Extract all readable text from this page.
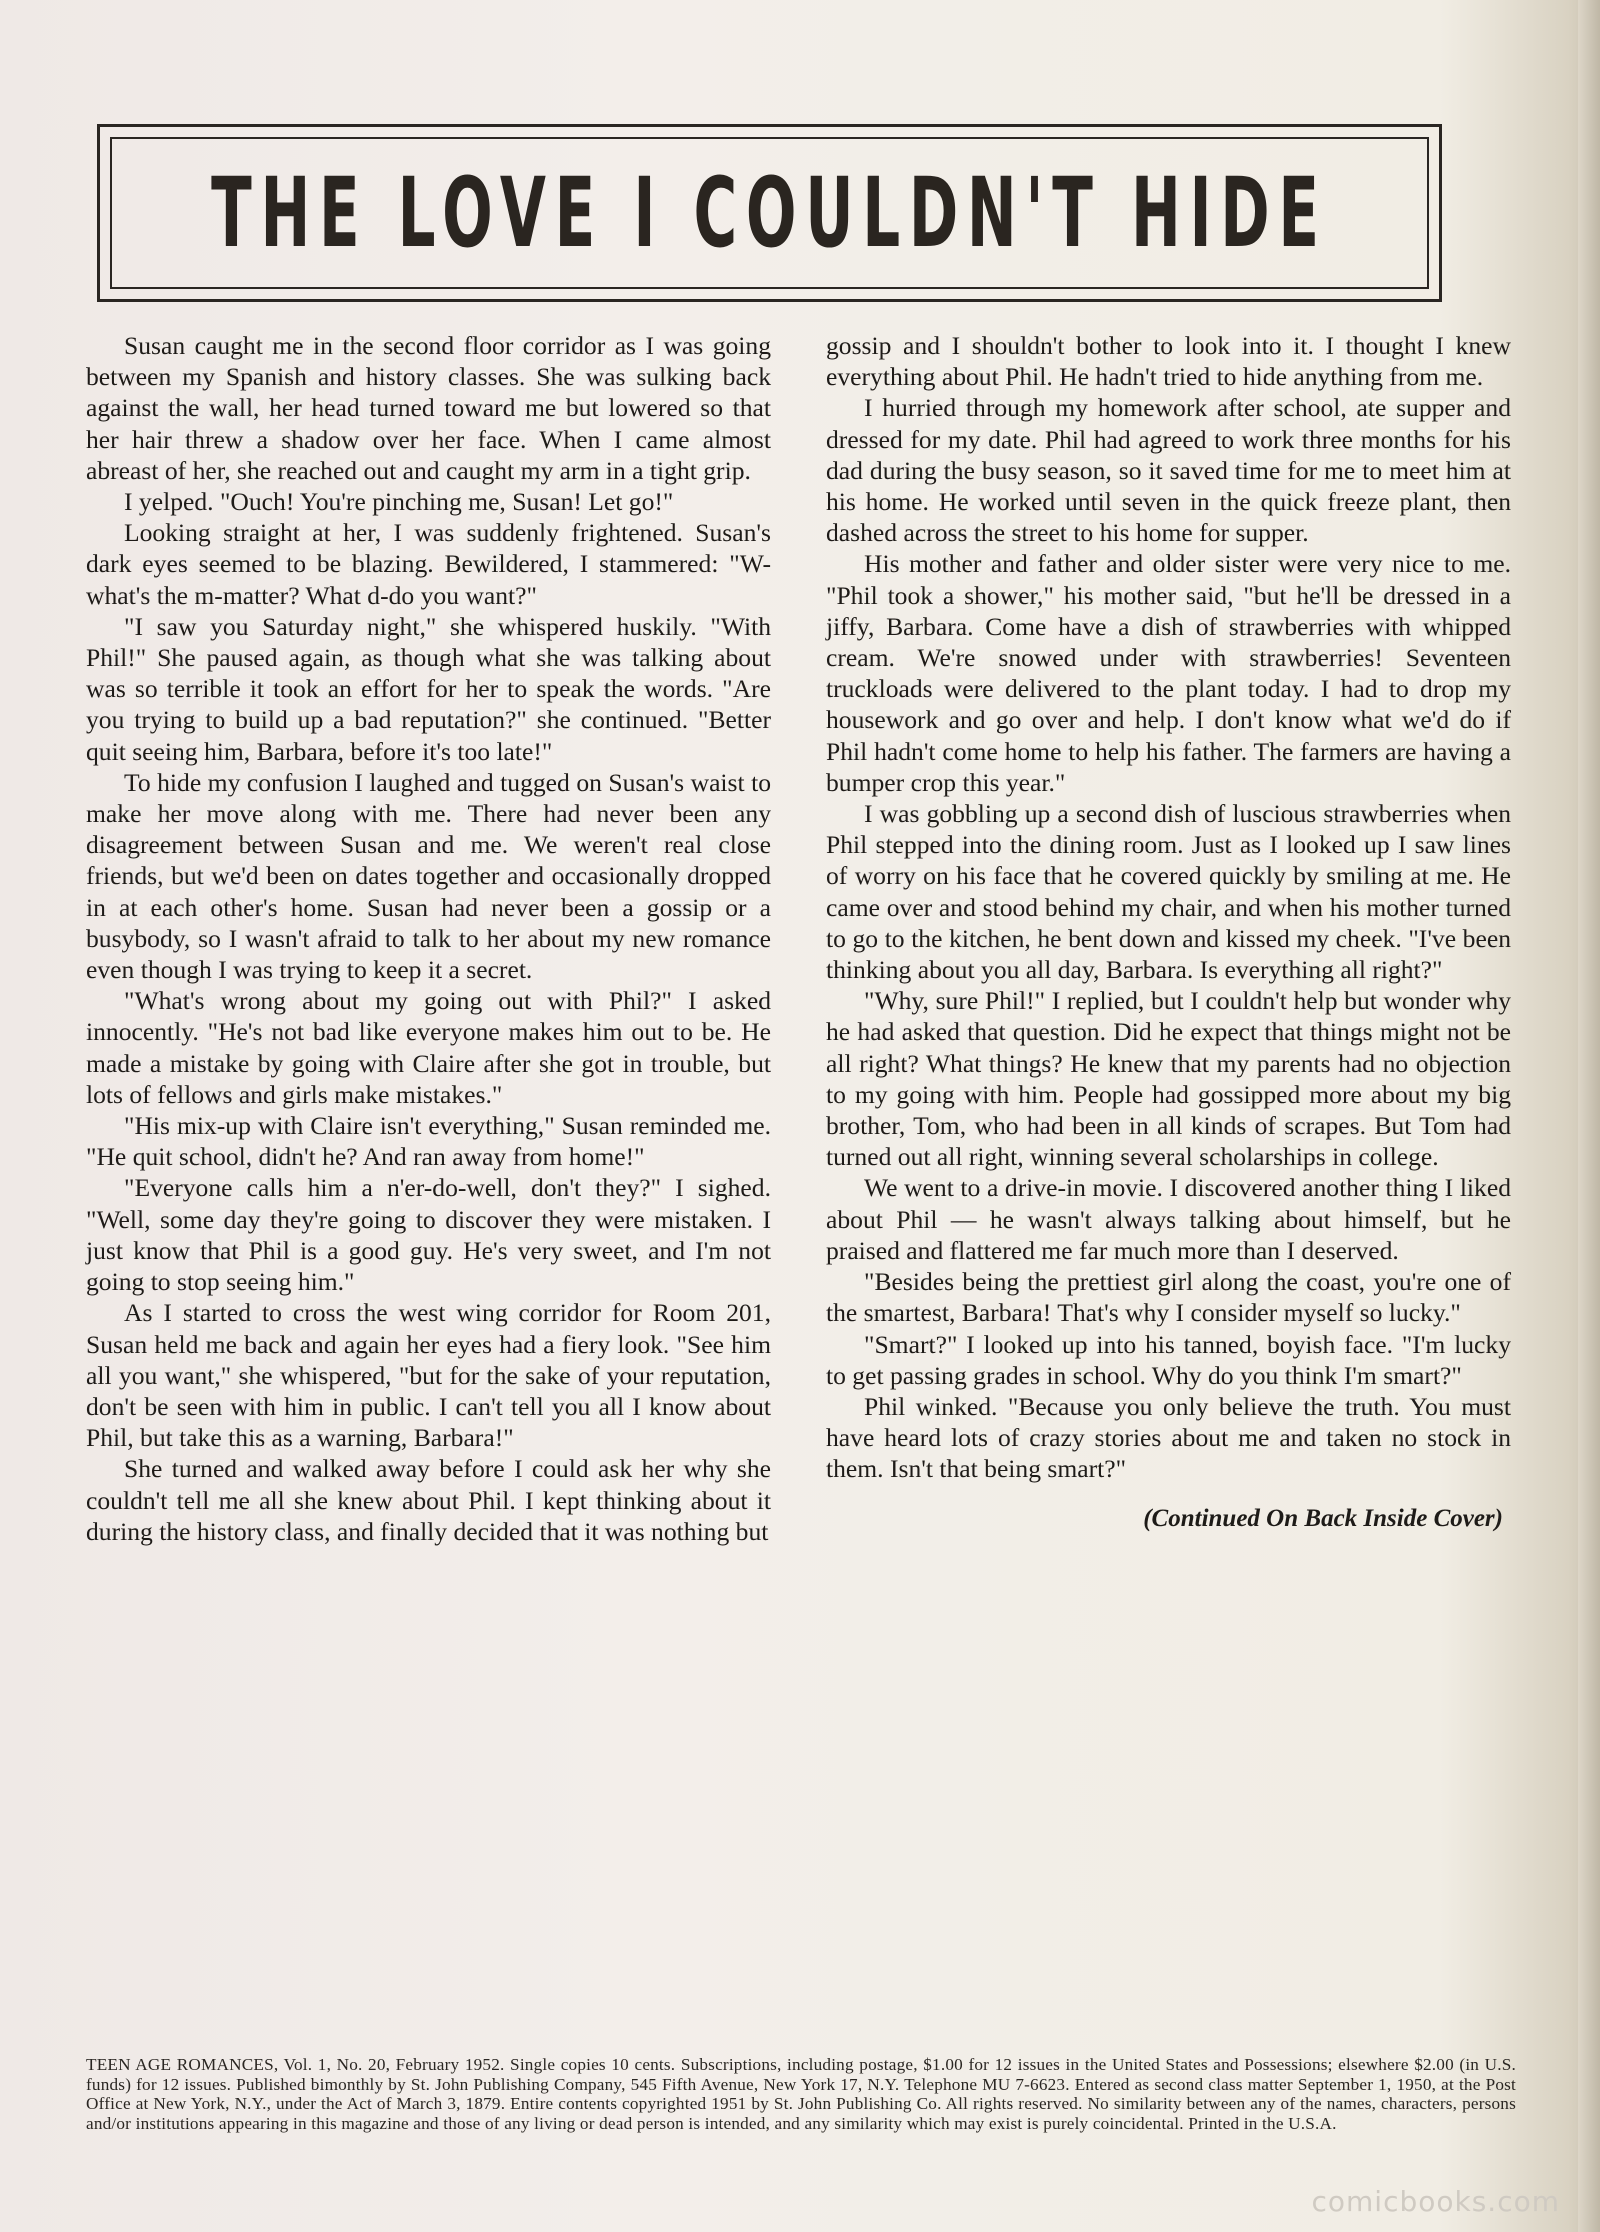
THE LOVE I COULDN'T HIDE

Susan caught me in the second floor corridor as I was going between my Spanish and history classes. She was sulking back against the wall, her head turned toward me but lowered so that her hair threw a shadow over her face. When I came almost abreast of her, she reached out and caught my arm in a tight grip.

I yelped. "Ouch! You're pinching me, Susan! Let go!"

Looking straight at her, I was suddenly frightened. Susan's dark eyes seemed to be blazing. Bewildered, I stammered: "W-what's the m-matter? What d-do you want?"

"I saw you Saturday night," she whispered huskily. "With Phil!" She paused again, as though what she was talking about was so terrible it took an effort for her to speak the words. "Are you trying to build up a bad reputation?" she continued. "Better quit seeing him, Barbara, before it's too late!"

To hide my confusion I laughed and tugged on Susan's waist to make her move along with me. There had never been any disagreement between Susan and me. We weren't real close friends, but we'd been on dates together and occasionally dropped in at each other's home. Susan had never been a gossip or a busybody, so I wasn't afraid to talk to her about my new romance even though I was trying to keep it a secret.

"What's wrong about my going out with Phil?" I asked innocently. "He's not bad like everyone makes him out to be. He made a mistake by going with Claire after she got in trouble, but lots of fellows and girls make mistakes."

"His mix-up with Claire isn't everything," Susan reminded me. "He quit school, didn't he? And ran away from home!"

"Everyone calls him a n'er-do-well, don't they?" I sighed. "Well, some day they're going to discover they were mistaken. I just know that Phil is a good guy. He's very sweet, and I'm not going to stop seeing him."

As I started to cross the west wing corridor for Room 201, Susan held me back and again her eyes had a fiery look. "See him all you want," she whispered, "but for the sake of your reputation, don't be seen with him in public. I can't tell you all I know about Phil, but take this as a warning, Barbara!"

She turned and walked away before I could ask her why she couldn't tell me all she knew about Phil. I kept thinking about it during the history class, and finally decided that it was nothing but

gossip and I shouldn't bother to look into it. I thought I knew everything about Phil. He hadn't tried to hide anything from me.

I hurried through my homework after school, ate supper and dressed for my date. Phil had agreed to work three months for his dad during the busy season, so it saved time for me to meet him at his home. He worked until seven in the quick freeze plant, then dashed across the street to his home for supper.

His mother and father and older sister were very nice to me. "Phil took a shower," his mother said, "but he'll be dressed in a jiffy, Barbara. Come have a dish of strawberries with whipped cream. We're snowed under with strawberries! Seventeen truckloads were delivered to the plant today. I had to drop my housework and go over and help. I don't know what we'd do if Phil hadn't come home to help his father. The farmers are having a bumper crop this year."

I was gobbling up a second dish of luscious strawberries when Phil stepped into the dining room. Just as I looked up I saw lines of worry on his face that he covered quickly by smiling at me. He came over and stood behind my chair, and when his mother turned to go to the kitchen, he bent down and kissed my cheek. "I've been thinking about you all day, Barbara. Is everything all right?"

"Why, sure Phil!" I replied, but I couldn't help but wonder why he had asked that question. Did he expect that things might not be all right? What things? He knew that my parents had no objection to my going with him. People had gossipped more about my big brother, Tom, who had been in all kinds of scrapes. But Tom had turned out all right, winning several scholarships in college.

We went to a drive-in movie. I discovered another thing I liked about Phil — he wasn't always talking about himself, but he praised and flattered me far much more than I deserved.

"Besides being the prettiest girl along the coast, you're one of the smartest, Barbara! That's why I consider myself so lucky."

"Smart?" I looked up into his tanned, boyish face. "I'm lucky to get passing grades in school. Why do you think I'm smart?"

Phil winked. "Because you only believe the truth. You must have heard lots of crazy stories about me and taken no stock in them. Isn't that being smart?"

(Continued On Back Inside Cover)
TEEN AGE ROMANCES, Vol. 1, No. 20, February 1952. Single copies 10 cents. Subscriptions, including postage, $1.00 for 12 issues in the United States and Possessions; elsewhere $2.00 (in U.S. funds) for 12 issues. Published bimonthly by St. John Publishing Company, 545 Fifth Avenue, New York 17, N.Y. Telephone MU 7-6623. Entered as second class matter September 1, 1950, at the Post Office at New York, N.Y., under the Act of March 3, 1879. Entire contents copyrighted 1951 by St. John Publishing Co. All rights reserved. No similarity between any of the names, characters, persons and/or institutions appearing in this magazine and those of any living or dead person is intended, and any similarity which may exist is purely coincidental. Printed in the U.S.A.
comicbooks.com
